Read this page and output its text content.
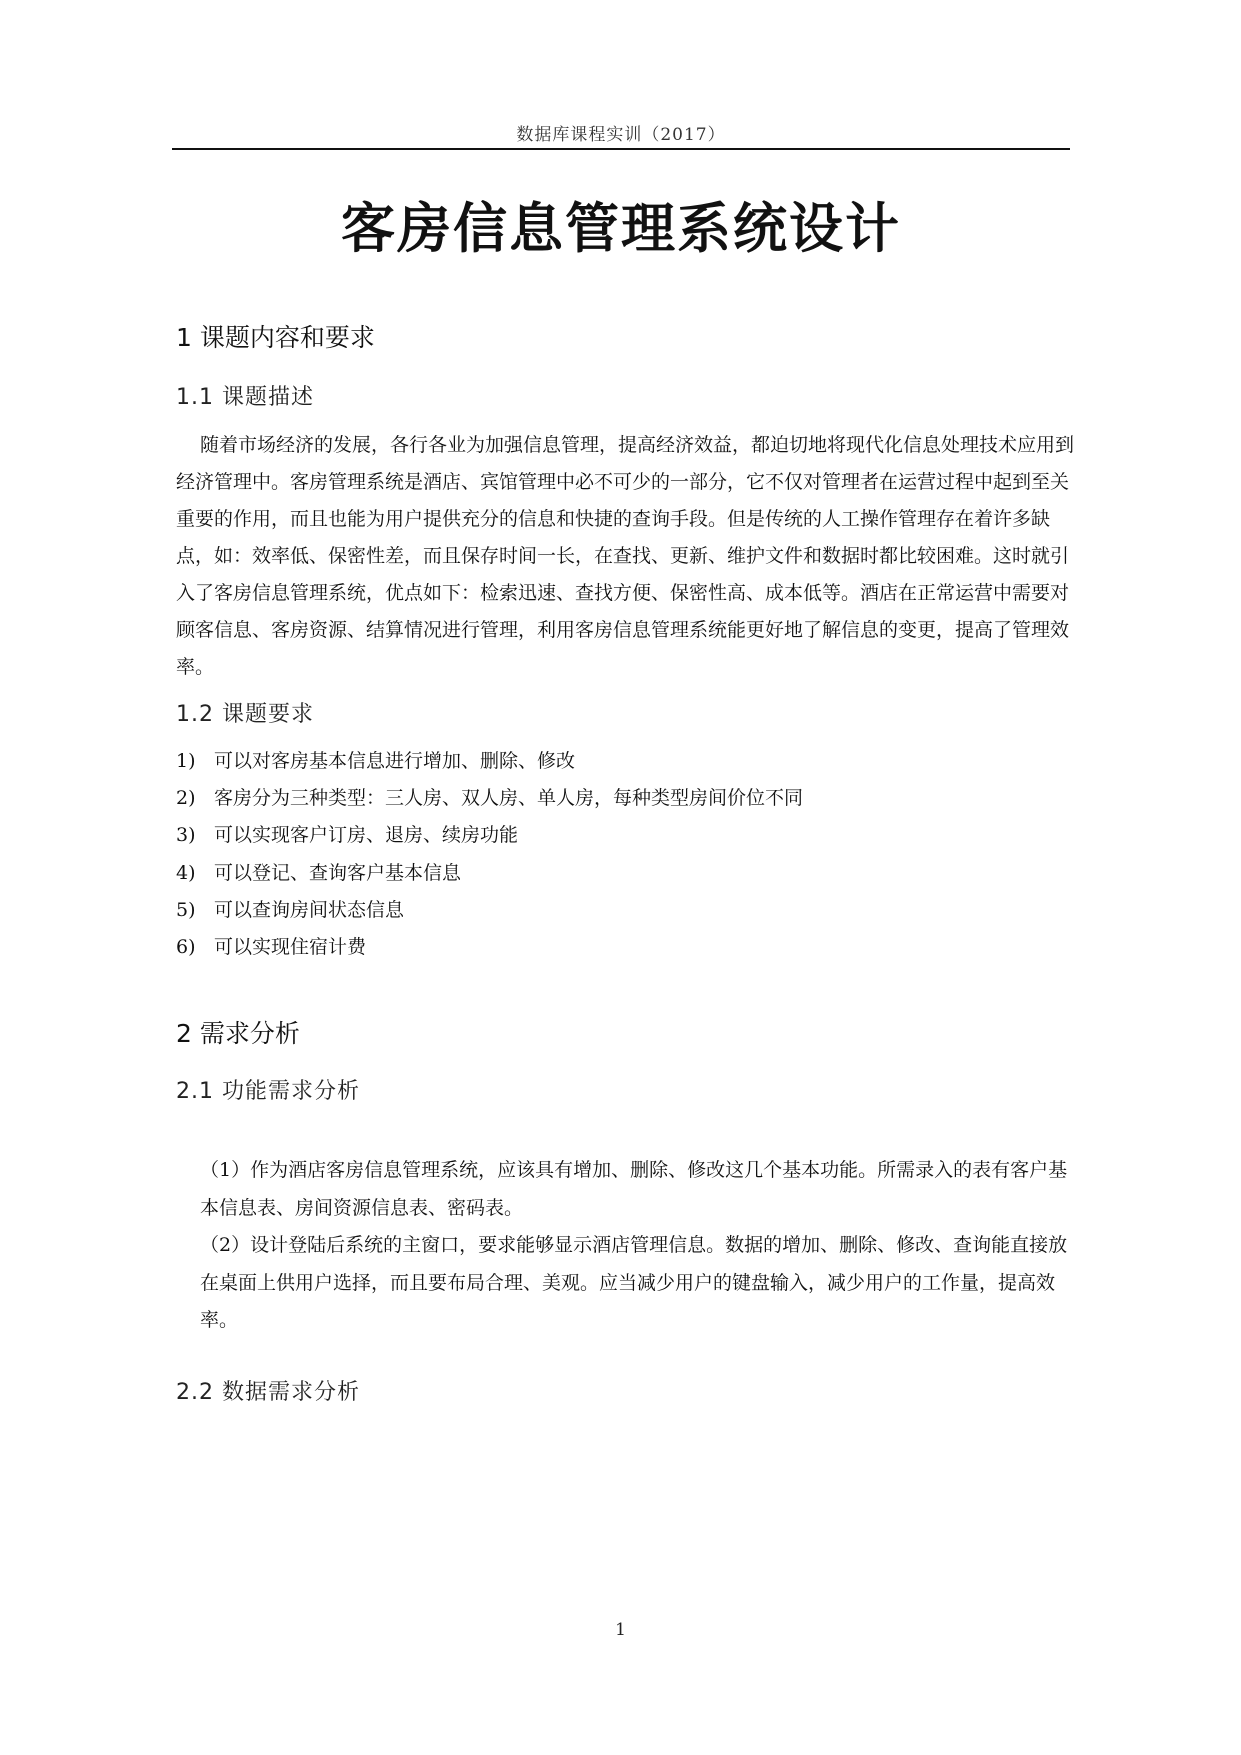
数据库课程实训（2017）
客房信息管理系统设计
1 课题内容和要求
1.1 课题描述

随着市场经济的发展，各行各业为加强信息管理，提高经济效益，都迫切地将现代化信息处理技术应用到经济管理中。客房管理系统是酒店、宾馆管理中必不可少的一部分，它不仅对管理者在运营过程中起到至关重要的作用，而且也能为用户提供充分的信息和快捷的查询手段。但是传统的人工操作管理存在着许多缺点，如：效率低、保密性差，而且保存时间一长，在查找、更新、维护文件和数据时都比较困难。这时就引入了客房信息管理系统，优点如下：检索迅速、查找方便、保密性高、成本低等。酒店在正常运营中需要对顾客信息、客房资源、结算情况进行管理，利用客房信息管理系统能更好地了解信息的变更，提高了管理效率。

1.2 课题要求
1) 可以对客房基本信息进行增加、删除、修改
2) 客房分为三种类型：三人房、双人房、单人房，每种类型房间价位不同
3) 可以实现客户订房、退房、续房功能
4) 可以登记、查询客户基本信息
5) 可以查询房间状态信息
6) 可以实现住宿计费
2 需求分析
2.1 功能需求分析

（1）作为酒店客房信息管理系统，应该具有增加、删除、修改这几个基本功能。所需录入的表有客户基本信息表、房间资源信息表、密码表。

（2）设计登陆后系统的主窗口，要求能够显示酒店管理信息。数据的增加、删除、修改、查询能直接放在桌面上供用户选择，而且要布局合理、美观。应当减少用户的键盘输入，减少用户的工作量，提高效率。

2.2 数据需求分析
1
